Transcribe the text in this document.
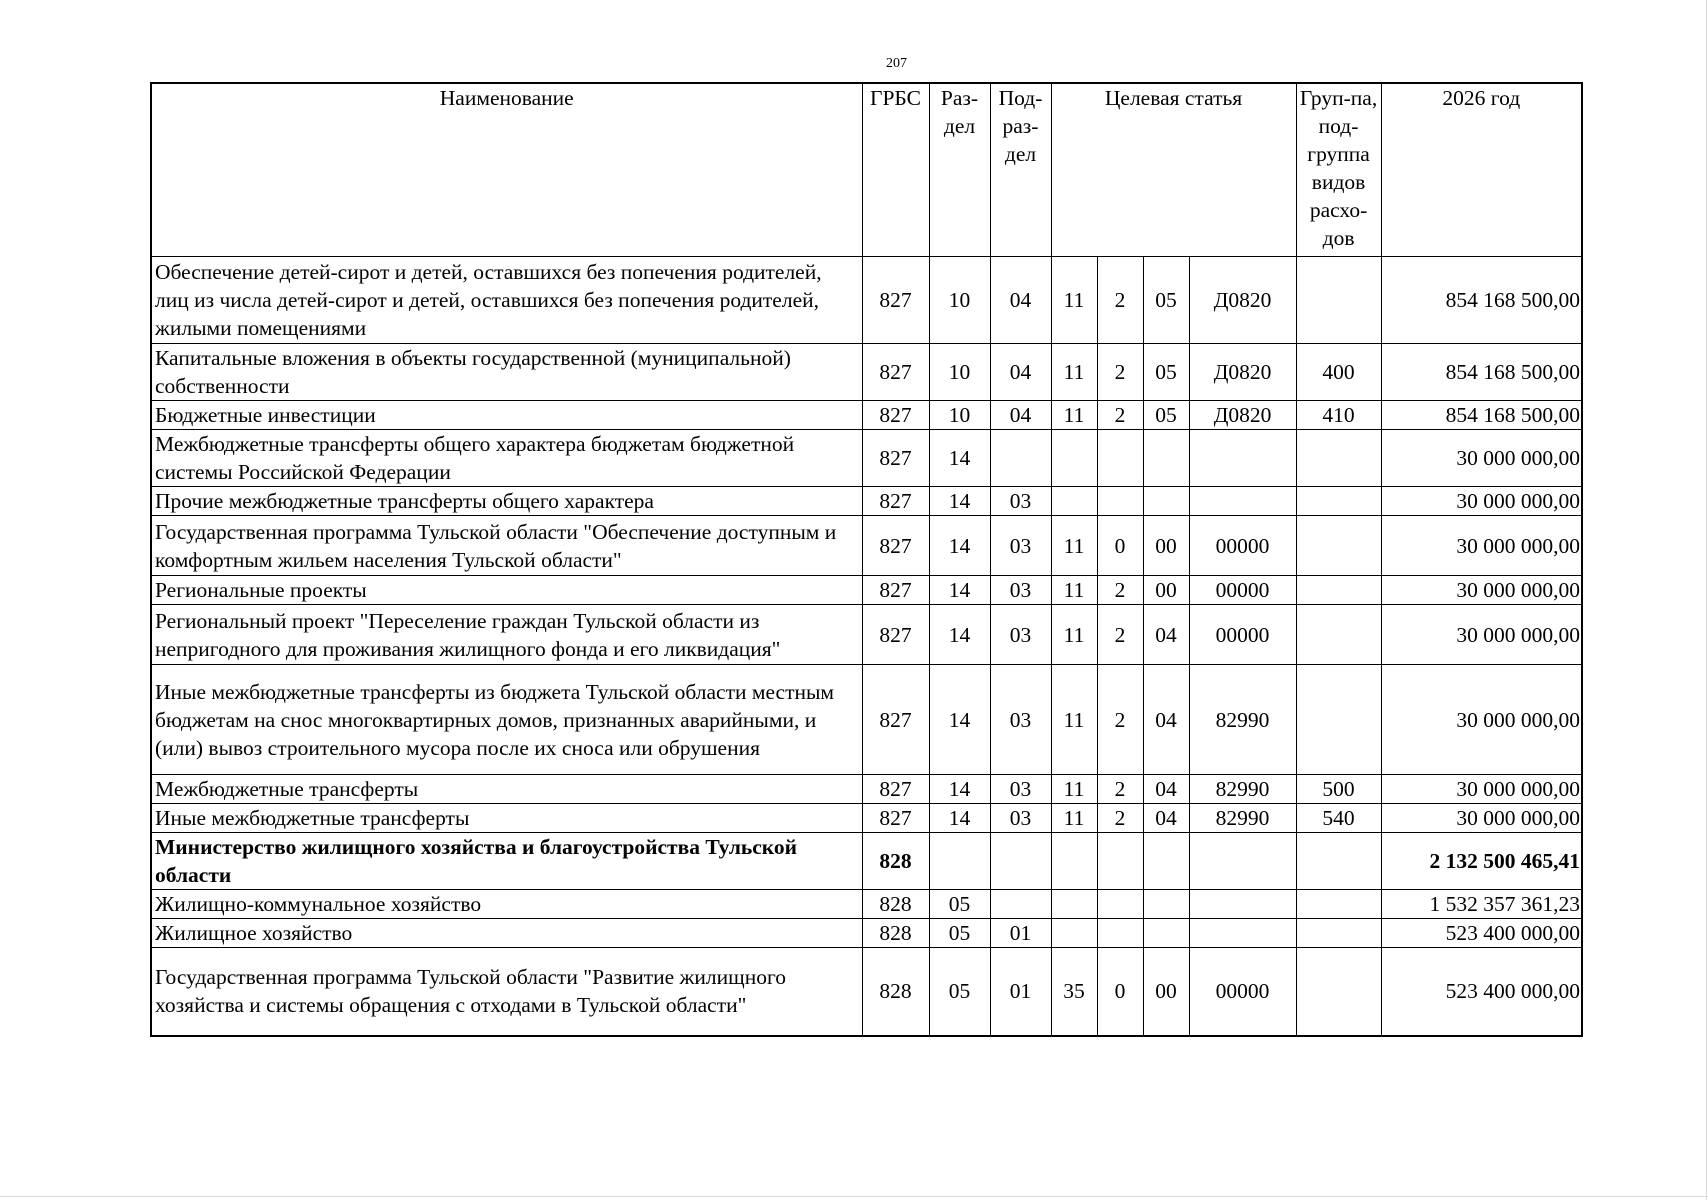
207
Наименование	ГРБС	Раз-дел	Под-раз-дел	Целевая статья				Груп-па, под-группа видов расхо-дов	2026 год
Обеспечение детей-сирот и детей, оставшихся без попечения родителей, лиц из числа детей-сирот и детей, оставшихся без попечения родителей, жилыми помещениями	827	10	04	11	2	05	Д0820		854 168 500,00
Капитальные вложения в объекты государственной (муниципальной) собственности	827	10	04	11	2	05	Д0820	400	854 168 500,00
Бюджетные инвестиции	827	10	04	11	2	05	Д0820	410	854 168 500,00
Межбюджетные трансферты общего характера бюджетам бюджетной системы Российской Федерации	827	14							30 000 000,00
Прочие межбюджетные трансферты общего характера	827	14	03						30 000 000,00
Государственная программа Тульской области "Обеспечение доступным и комфортным жильем населения Тульской области"	827	14	03	11	0	00	00000		30 000 000,00
Региональные проекты	827	14	03	11	2	00	00000		30 000 000,00
Региональный проект "Переселение граждан Тульской области из непригодного для проживания жилищного фонда и его ликвидация"	827	14	03	11	2	04	00000		30 000 000,00
Иные межбюджетные трансферты из бюджета Тульской области местным бюджетам на снос многоквартирных домов, признанных аварийными, и (или) вывоз строительного мусора после их сноса или обрушения	827	14	03	11	2	04	82990		30 000 000,00
Межбюджетные трансферты	827	14	03	11	2	04	82990	500	30 000 000,00
Иные межбюджетные трансферты	827	14	03	11	2	04	82990	540	30 000 000,00
Министерство жилищного хозяйства и благоустройства Тульской области	828								2 132 500 465,41
Жилищно-коммунальное хозяйство	828	05							1 532 357 361,23
Жилищное хозяйство	828	05	01						523 400 000,00
Государственная программа Тульской области "Развитие жилищного хозяйства и системы обращения с отходами в Тульской области"	828	05	01	35	0	00	00000		523 400 000,00
